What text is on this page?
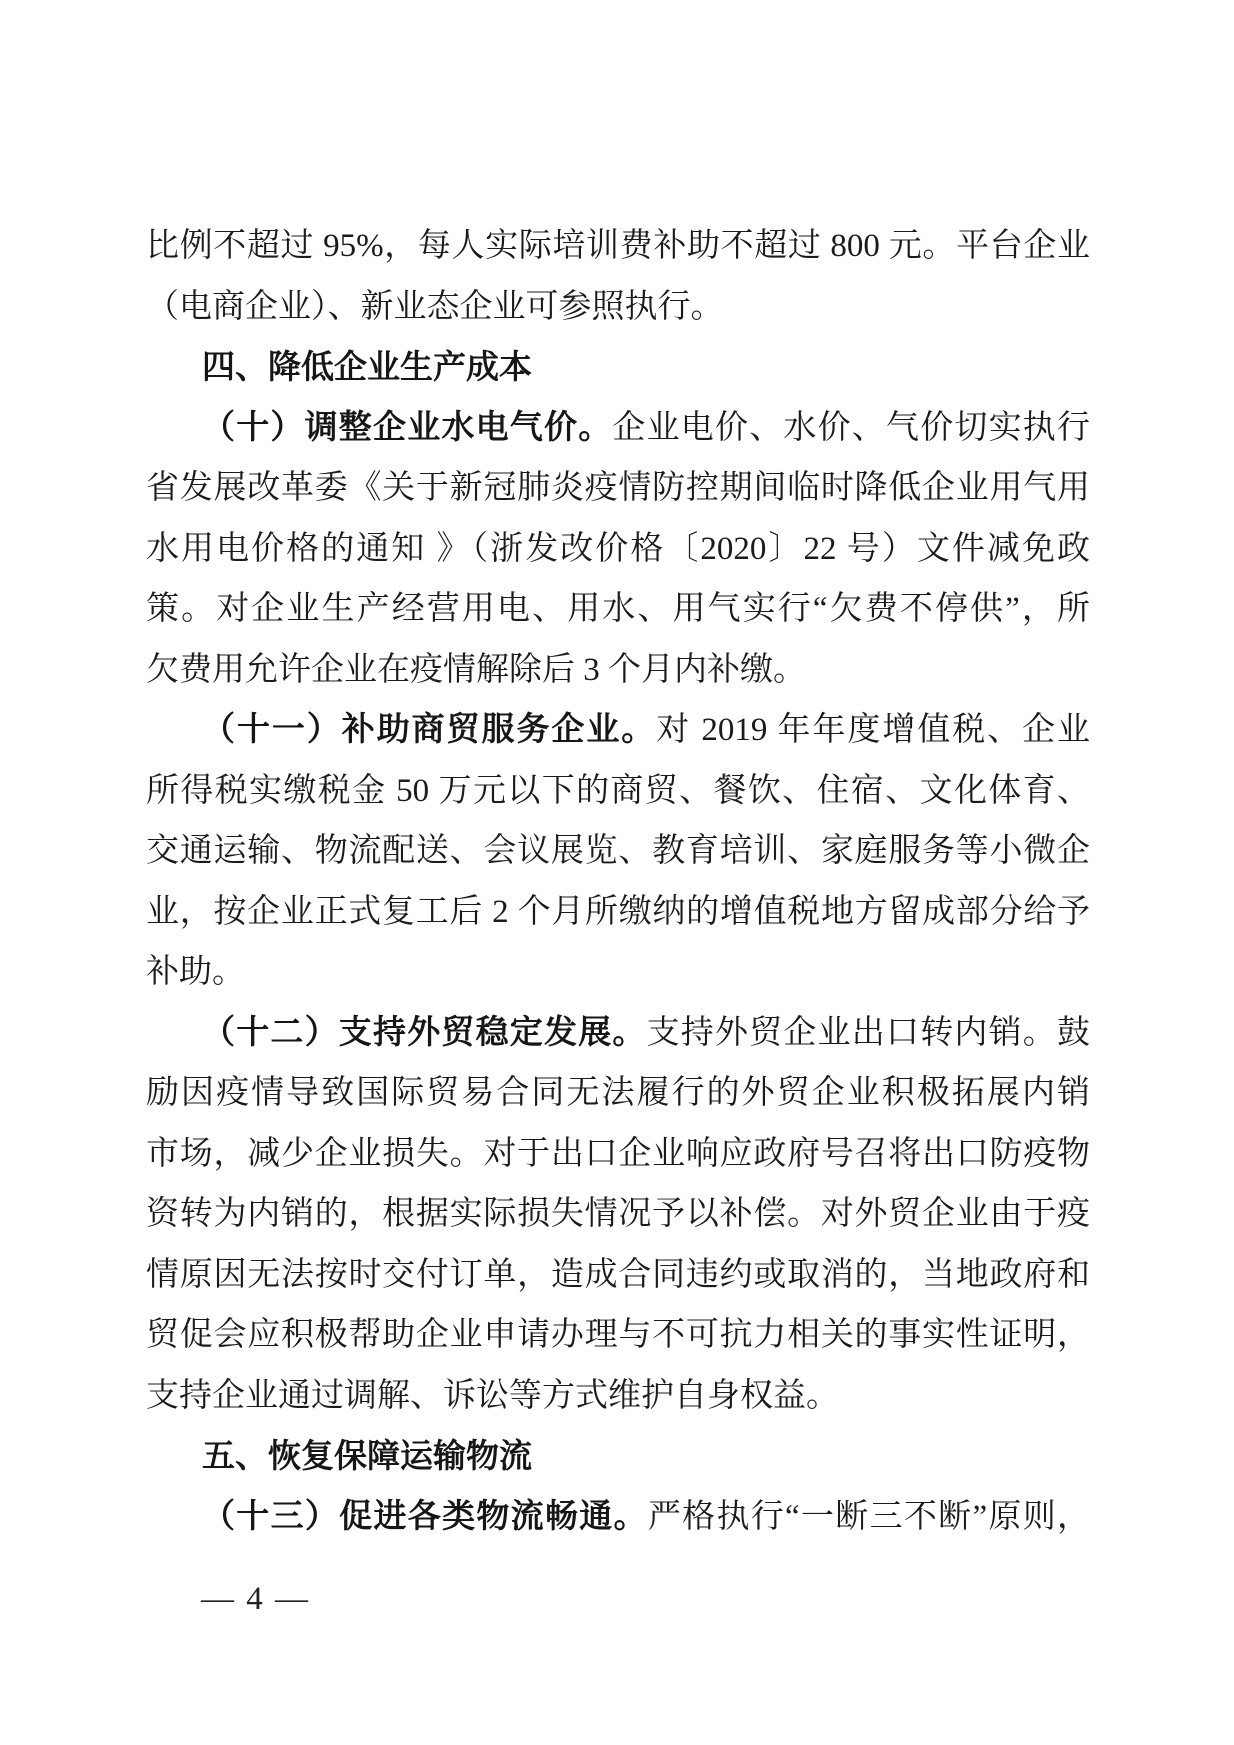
比例不超过 95%，每人实际培训费补助不超过 800 元。平台企业
（电商企业）、新业态企业可参照执行。
四、降低企业生产成本
（十）调整企业水电气价。企业电价、水价、气价切实执行
省发展改革委《关于新冠肺炎疫情防控期间临时降低企业用气用
水用电价格的通知 》（浙发改价格〔2020〕22 号）文件减免政
策。对企业生产经营用电、用水、用气实行“欠费不停供”，所
欠费用允许企业在疫情解除后 3 个月内补缴。
（十一）补助商贸服务企业。对 2019 年年度增值税、企业
所得税实缴税金 50 万元以下的商贸、餐饮、住宿、文化体育、
交通运输、物流配送、会议展览、教育培训、家庭服务等小微企
业，按企业正式复工后 2 个月所缴纳的增值税地方留成部分给予
补助。
（十二）支持外贸稳定发展。支持外贸企业出口转内销。鼓
励因疫情导致国际贸易合同无法履行的外贸企业积极拓展内销
市场，减少企业损失。对于出口企业响应政府号召将出口防疫物
资转为内销的，根据实际损失情况予以补偿。对外贸企业由于疫
情原因无法按时交付订单，造成合同违约或取消的，当地政府和
贸促会应积极帮助企业申请办理与不可抗力相关的事实性证明，
支持企业通过调解、诉讼等方式维护自身权益。
五、恢复保障运输物流
（十三）促进各类物流畅通。严格执行“一断三不断”原则，
— 4 —
